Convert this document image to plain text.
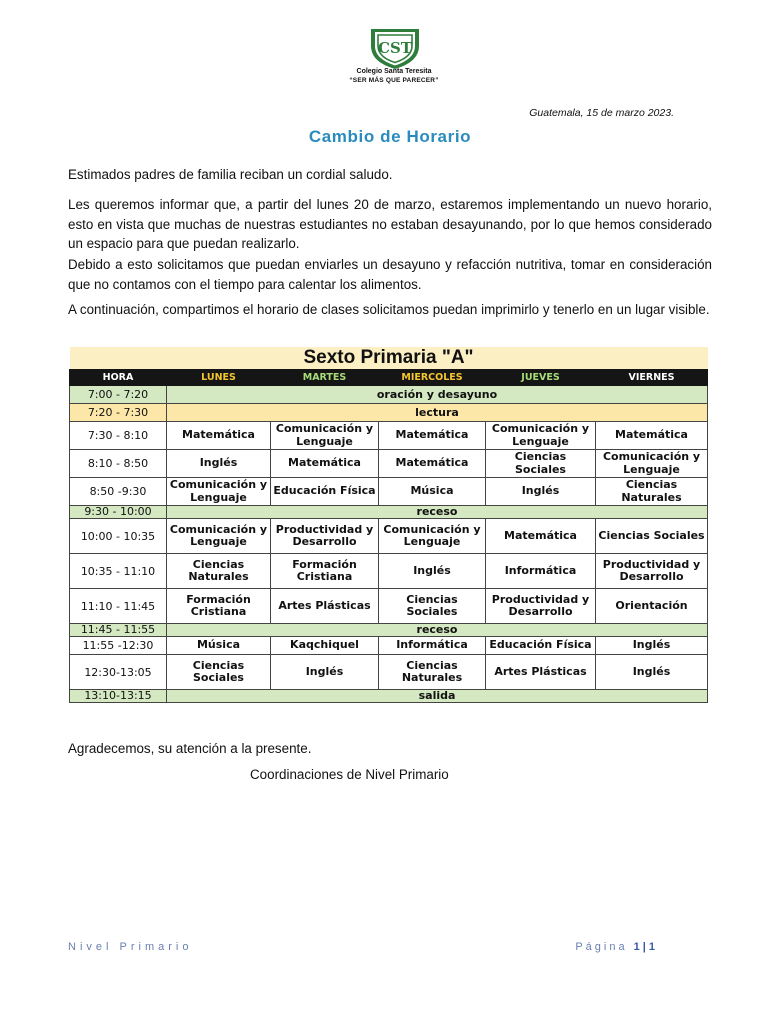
CST
Colegio Santa Teresita
“SER MÁS QUE PARECER”
Guatemala, 15 de marzo 2023.
Cambio de Horario
Estimados padres de familia reciban un cordial saludo.
Les queremos informar que, a partir del lunes 20 de marzo, estaremos implementando un nuevo horario, esto en vista que muchas de nuestras estudiantes no estaban desayunando, por lo que hemos considerado un espacio para que puedan realizarlo.
Debido a esto solicitamos que puedan enviarles un desayuno y refacción nutritiva, tomar en consideración que no contamos con el tiempo para calentar los alimentos.
A continuación, compartimos el horario de clases solicitamos puedan imprimirlo y tenerlo en un lugar visible.
Sexto Primaria "A"					
HORA	LUNES	MARTES	MIERCOLES	JUEVES	VIERNES
7:00 - 7:20	oración y desayuno				
7:20 - 7:30	lectura				
7:30 - 8:10	Matemática	Comunicación y Lenguaje	Matemática	Comunicación y Lenguaje	Matemática
8:10 - 8:50	Inglés	Matemática	Matemática	Ciencias Sociales	Comunicación y Lenguaje
8:50 -9:30	Comunicación y Lenguaje	Educación Física	Música	Inglés	Ciencias Naturales
9:30 - 10:00	receso				
10:00 - 10:35	Comunicación y Lenguaje	Productividad y Desarrollo	Comunicación y Lenguaje	Matemática	Ciencias Sociales
10:35 - 11:10	Ciencias Naturales	Formación Cristiana	Inglés	Informática	Productividad y Desarrollo
11:10 - 11:45	Formación Cristiana	Artes Plásticas	Ciencias Sociales	Productividad y Desarrollo	Orientación
11:45 - 11:55	receso				
11:55 -12:30	Música	Kaqchiquel	Informática	Educación Física	Inglés
12:30-13:05	Ciencias Sociales	Inglés	Ciencias Naturales	Artes Plásticas	Inglés
13:10-13:15	salida				
Agradecemos, su atención a la presente.
Coordinaciones de Nivel Primario
Nivel Primario	Página 1|1
